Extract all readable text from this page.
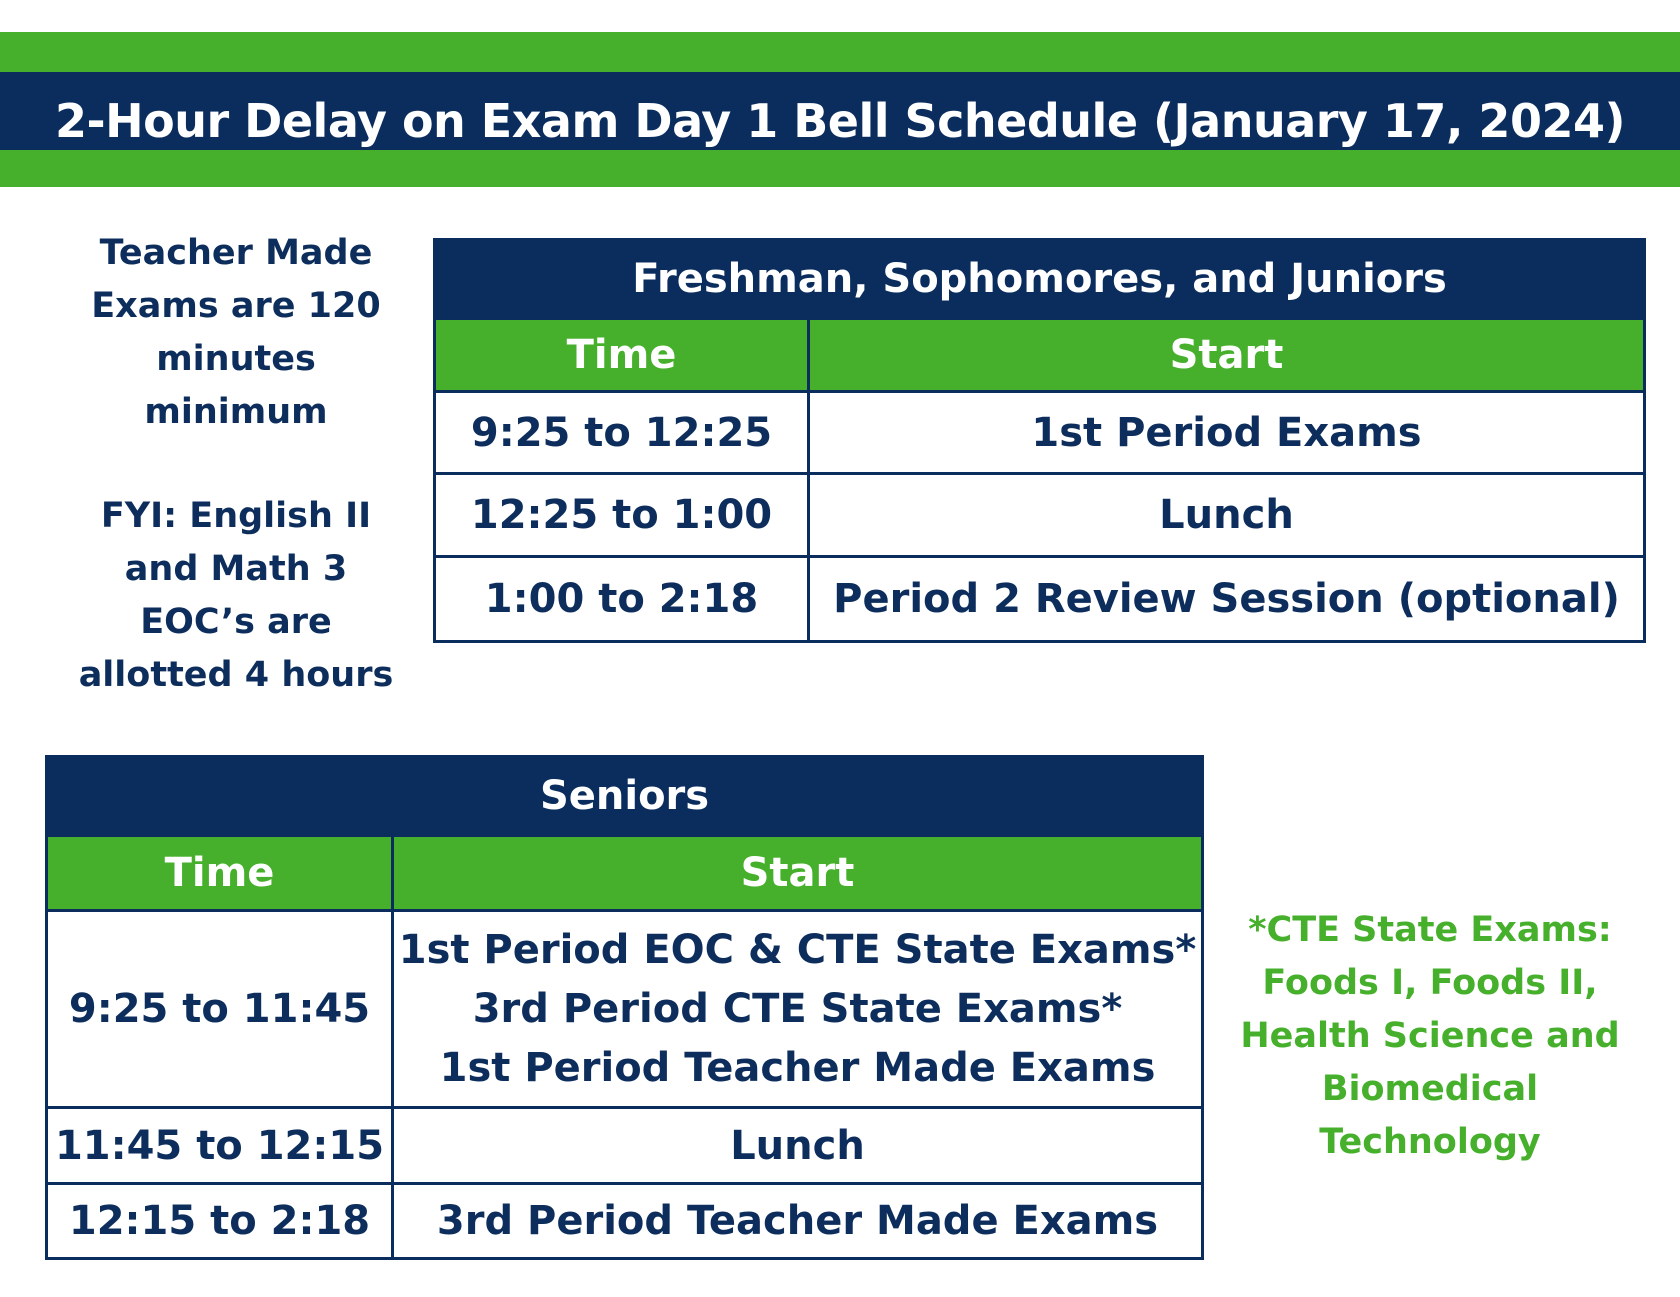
2-Hour Delay on Exam Day 1 Bell Schedule (January 17, 2024)
Teacher Made
Exams are 120
minutes
minimum
FYI: English II
and Math 3
EOC’s are
allotted 4 hours
Freshman, Sophomores, and Juniors	
Time	Start
9:25 to 12:25	1st Period Exams
12:25 to 1:00	Lunch
1:00 to 2:18	Period 2 Review Session (optional)
Seniors	
Time	Start
9:25 to 11:45	1st Period EOC & CTE State Exams*
3rd Period CTE State Exams*
1st Period Teacher Made Exams

11:45 to 12:15	Lunch
12:15 to 2:18	3rd Period Teacher Made Exams
*CTE State Exams:
Foods I, Foods II,
Health Science and
Biomedical
Technology
